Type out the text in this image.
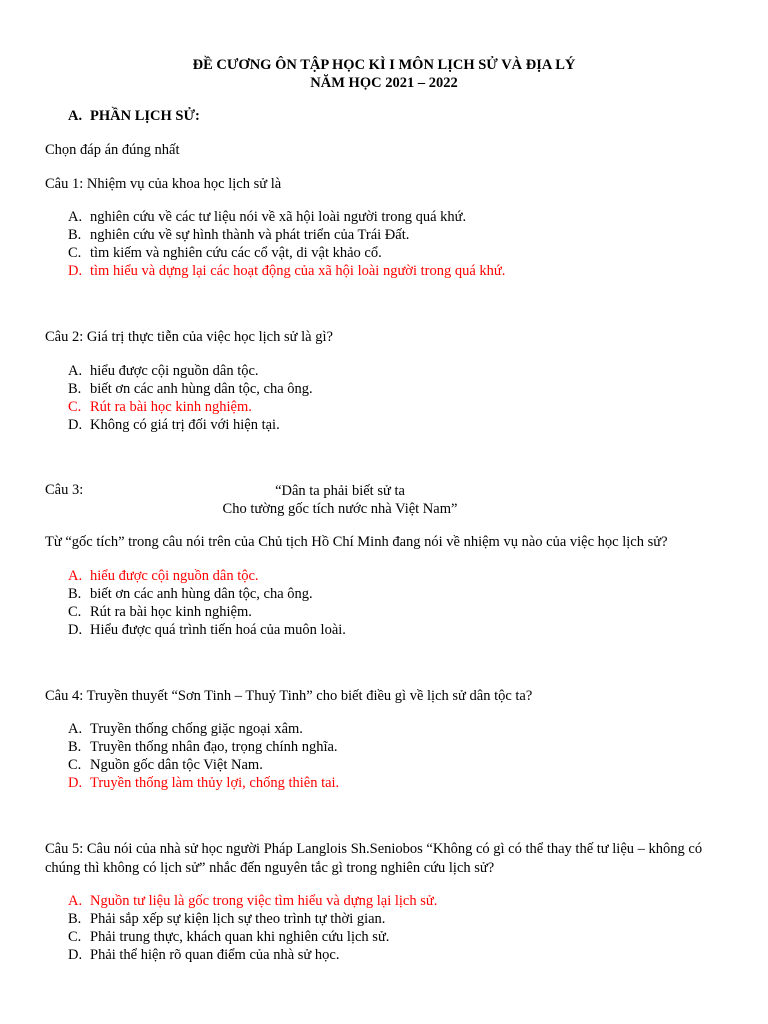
ĐỀ CƯƠNG ÔN TẬP HỌC KÌ I MÔN LỊCH SỬ VÀ ĐỊA LÝ
NĂM HỌC 2021 – 2022
A. PHẦN LỊCH SỬ:
Chọn đáp án đúng nhất
Câu 1: Nhiệm vụ của khoa học lịch sử là
A. nghiên cứu về các tư liệu nói về xã hội loài người trong quá khứ.
B. nghiên cứu về sự hình thành và phát triển của Trái Đất.
C. tìm kiếm và nghiên cứu các cổ vật, di vật khảo cổ.
D. tìm hiểu và dựng lại các hoạt động của xã hội loài người trong quá khứ.
Câu 2: Giá trị thực tiễn của việc học lịch sử là gì?
A. hiểu được cội nguồn dân tộc.
B. biết ơn các anh hùng dân tộc, cha ông.
C. Rút ra bài học kinh nghiệm.
D. Không có giá trị đối với hiện tại.
Câu 3:	“Dân ta phải biết sử ta
Cho tường gốc tích nước nhà Việt Nam”
Từ “gốc tích” trong câu nói trên của Chủ tịch Hồ Chí Minh đang nói về nhiệm vụ nào của việc học lịch sử?
A. hiểu được cội nguồn dân tộc.
B. biết ơn các anh hùng dân tộc, cha ông.
C. Rút ra bài học kinh nghiệm.
D. Hiểu được quá trình tiến hoá của muôn loài.
Câu 4: Truyền thuyết “Sơn Tinh – Thuỷ Tinh” cho biết điều gì về lịch sử dân tộc ta?
A. Truyền thống chống giặc ngoại xâm.
B. Truyền thống nhân đạo, trọng chính nghĩa.
C. Nguồn gốc dân tộc Việt Nam.
D. Truyền thống làm thủy lợi, chống thiên tai.
Câu 5: Câu nói của nhà sử học người Pháp Langlois Sh.Seniobos “Không có gì có thể thay thế tư liệu – không có chúng thì không có lịch sử” nhắc đến nguyên tắc gì trong nghiên cứu lịch sử?
A. Nguồn tư liệu là gốc trong việc tìm hiểu và dựng lại lịch sử.
B. Phải sắp xếp sự kiện lịch sự theo trình tự thời gian.
C. Phải trung thực, khách quan khi nghiên cứu lịch sử.
D. Phải thể hiện rõ quan điểm của nhà sử học.
